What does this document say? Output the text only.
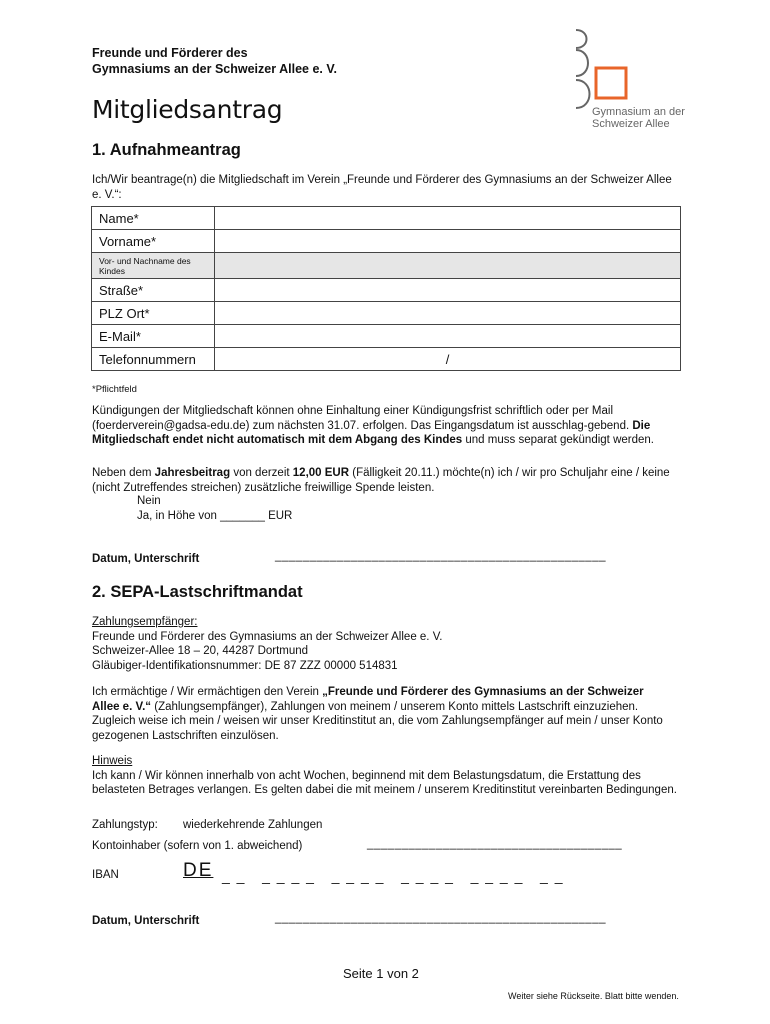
Freunde und Förderer des
Gymnasiums an der Schweizer Allee e. V.
Mitgliedsantrag	Gymnasium an der
Schweizer Allee
1. Aufnahmeantrag
Ich/Wir beantrage(n) die Mitgliedschaft im Verein „Freunde und Förderer des Gymnasiums an der Schweizer Allee e. V.“:
Name*	
Vorname*	
Vor- und Nachname des Kindes	
Straße*	
PLZ Ort*	
E-Mail*	
Telefonnummern	/
*Pflichtfeld
Kündigungen der Mitgliedschaft können ohne Einhaltung einer Kündigungsfrist schriftlich oder per Mail (foerderverein@gadsa-edu.de) zum nächsten 31.07. erfolgen. Das Eingangsdatum ist ausschlag-gebend. Die Mitgliedschaft endet nicht automatisch mit dem Abgang des Kindes und muss separat gekündigt werden.
Neben dem Jahresbeitrag von derzeit 12,00 EUR (Fälligkeit 20.11.) möchte(n) ich / wir pro Schuljahr eine / keine (nicht Zutreffendes streichen) zusätzliche freiwillige Spende leisten.
Nein
Ja, in Höhe von _______ EUR
Datum, Unterschrift	________________________________________________
2. SEPA-Lastschriftmandat
Zahlungsempfänger:
Freunde und Förderer des Gymnasiums an der Schweizer Allee e. V.
Schweizer-Allee 18 – 20, 44287 Dortmund
Gläubiger-Identifikationsnummer: DE 87 ZZZ 00000 514831
Ich ermächtige / Wir ermächtigen den Verein „Freunde und Förderer des Gymnasiums an der Schweizer Allee e. V.“ (Zahlungsempfänger), Zahlungen von meinem / unserem Konto mittels Lastschrift einzuziehen. Zugleich weise ich mein / weisen wir unser Kreditinstitut an, die vom Zahlungsempfänger auf mein / unser Konto gezogenen Lastschriften einzulösen.
Hinweis
Ich kann / Wir können innerhalb von acht Wochen, beginnend mit dem Belastungsdatum, die Erstattung des belasteten Betrages verlangen. Es gelten dabei die mit meinem / unserem Kreditinstitut vereinbarten Bedingungen.
Zahlungstyp: wiederkehrende Zahlungen
Kontoinhaber (sofern von 1. abweichend)	_____________________________________
IBAN	DE _ _   _ _ _ _   _ _ _ _   _ _ _ _   _ _ _ _   _ _
Datum, Unterschrift	________________________________________________
Seite 1 von 2
Weiter siehe Rückseite. Blatt bitte wenden.
